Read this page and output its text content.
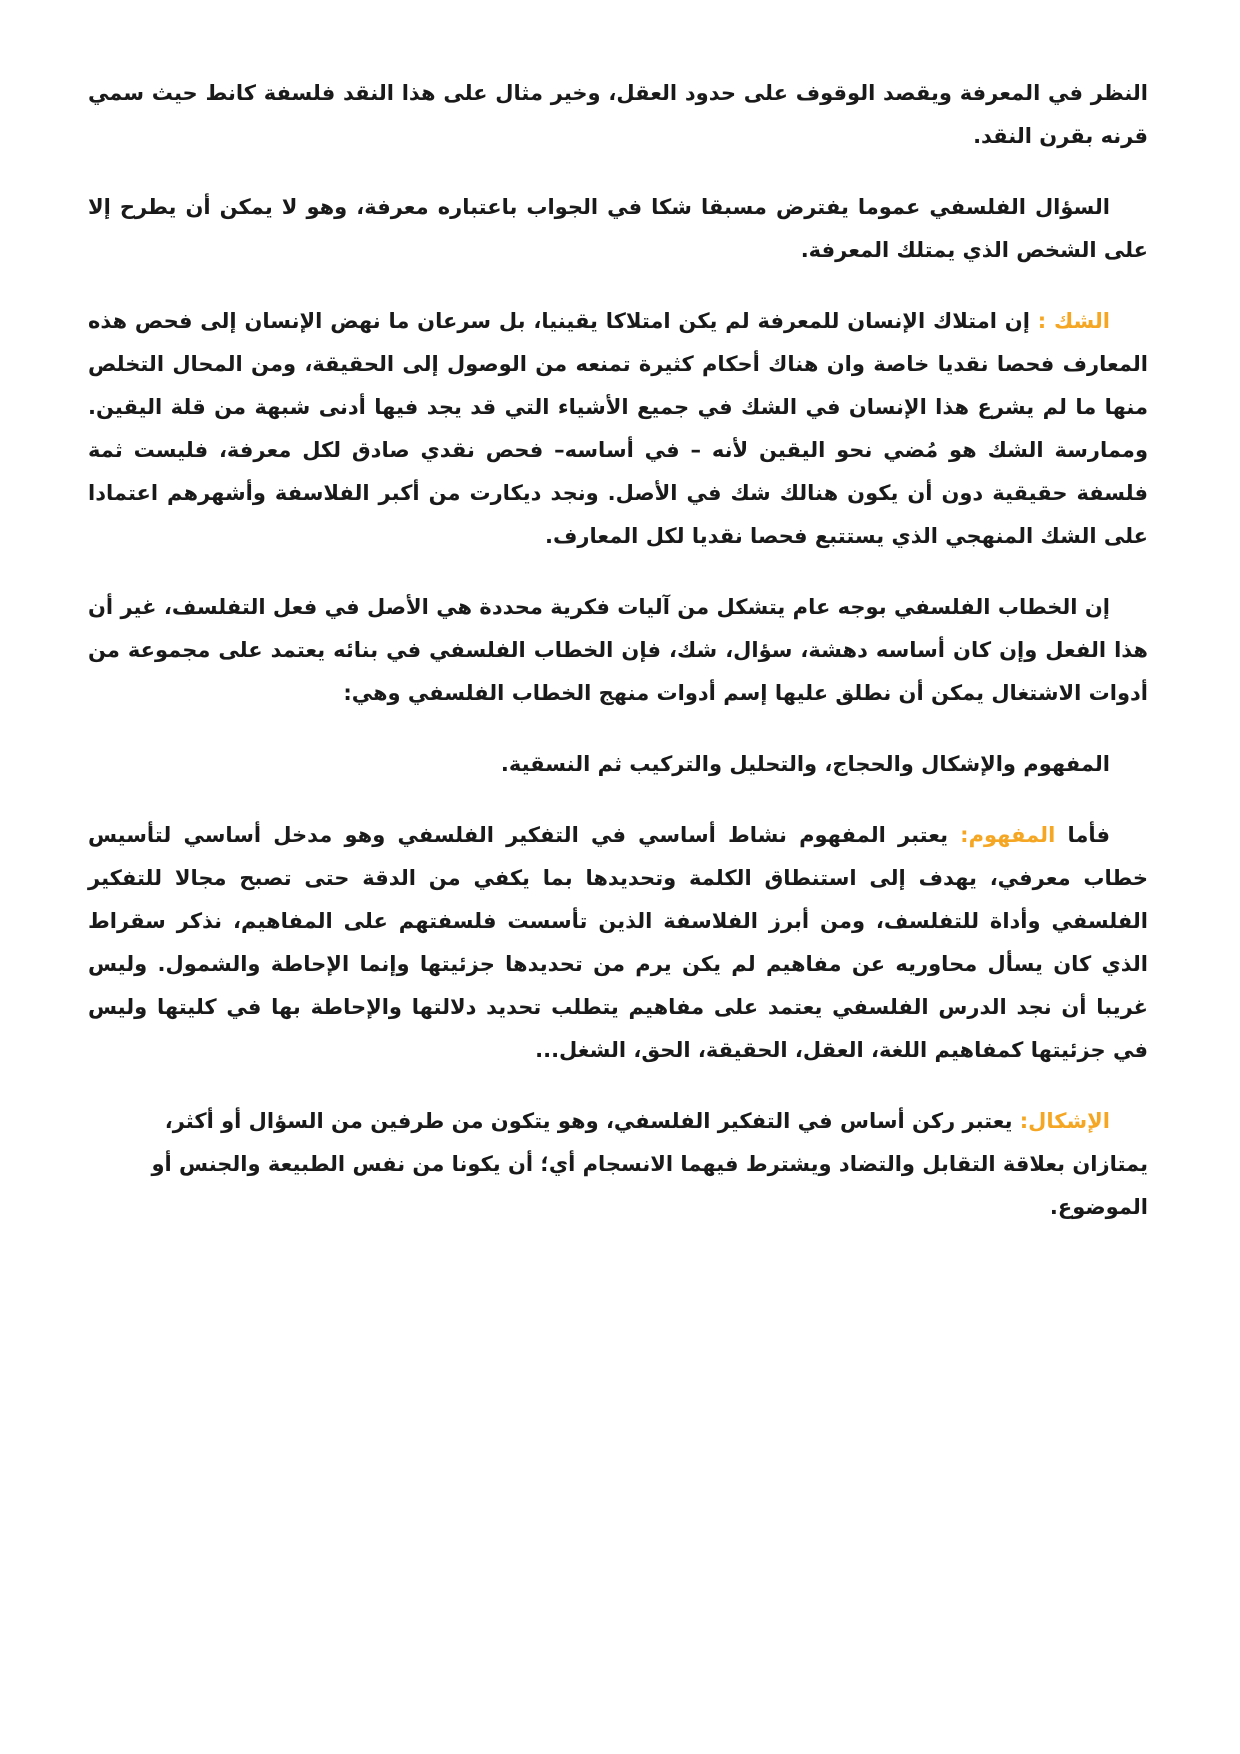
النظر في المعرفة ويقصد الوقوف على حدود العقل، وخير مثال على هذا النقد فلسفة كانط حيث سمي قرنه بقرن النقد.

السؤال الفلسفي عموما يفترض مسبقا شكا في الجواب باعتباره معرفة، وهو لا يمكن أن يطرح إلا على الشخص الذي يمتلك المعرفة.

الشك : إن امتلاك الإنسان للمعرفة لم يكن امتلاكا يقينيا، بل سرعان ما نهض الإنسان إلى فحص هذه المعارف فحصا نقديا خاصة وان هناك أحكام كثيرة تمنعه من الوصول إلى الحقيقة، ومن المحال التخلص منها ما لم يشرع هذا الإنسان في الشك في جميع الأشياء التي قد يجد فيها أدنى شبهة من قلة اليقين. وممارسة الشك هو مُضي نحو اليقين لأنه – في أساسه– فحص نقدي صادق لكل معرفة، فليست ثمة فلسفة حقيقية دون أن يكون هنالك شك في الأصل. ونجد ديكارت من أكبر الفلاسفة وأشهرهم اعتمادا على الشك المنهجي الذي يستتبع فحصا نقديا لكل المعارف.

إن الخطاب الفلسفي بوجه عام يتشكل من آليات فكرية محددة هي الأصل في فعل التفلسف، غير أن هذا الفعل وإن كان أساسه دهشة، سؤال، شك، فإن الخطاب الفلسفي في بنائه يعتمد على مجموعة من أدوات الاشتغال يمكن أن نطلق عليها إسم أدوات منهج الخطاب الفلسفي وهي:

المفهوم والإشكال والحجاج، والتحليل والتركيب ثم النسقية.

فأما المفهوم: يعتبر المفهوم نشاط أساسي في التفكير الفلسفي وهو مدخل أساسي لتأسيس خطاب معرفي، يهدف إلى استنطاق الكلمة وتحديدها بما يكفي من الدقة حتى تصبح مجالا للتفكير الفلسفي وأداة للتفلسف، ومن أبرز الفلاسفة الذين تأسست فلسفتهم على المفاهيم، نذكر سقراط الذي كان يسأل محاوريه عن مفاهيم لم يكن يرم من تحديدها جزئيتها وإنما الإحاطة والشمول. وليس غريبا أن نجد الدرس الفلسفي يعتمد على مفاهيم يتطلب تحديد دلالتها والإحاطة بها في كليتها وليس في جزئيتها كمفاهيم اللغة، العقل، الحقيقة، الحق، الشغل...

الإشكال: يعتبر ركن أساس في التفكير الفلسفي، وهو يتكون من طرفين من السؤال أو أكثر، يمتازان بعلاقة التقابل والتضاد ويشترط فيهما الانسجام أي؛ أن يكونا من نفس الطبيعة والجنس أو الموضوع.
